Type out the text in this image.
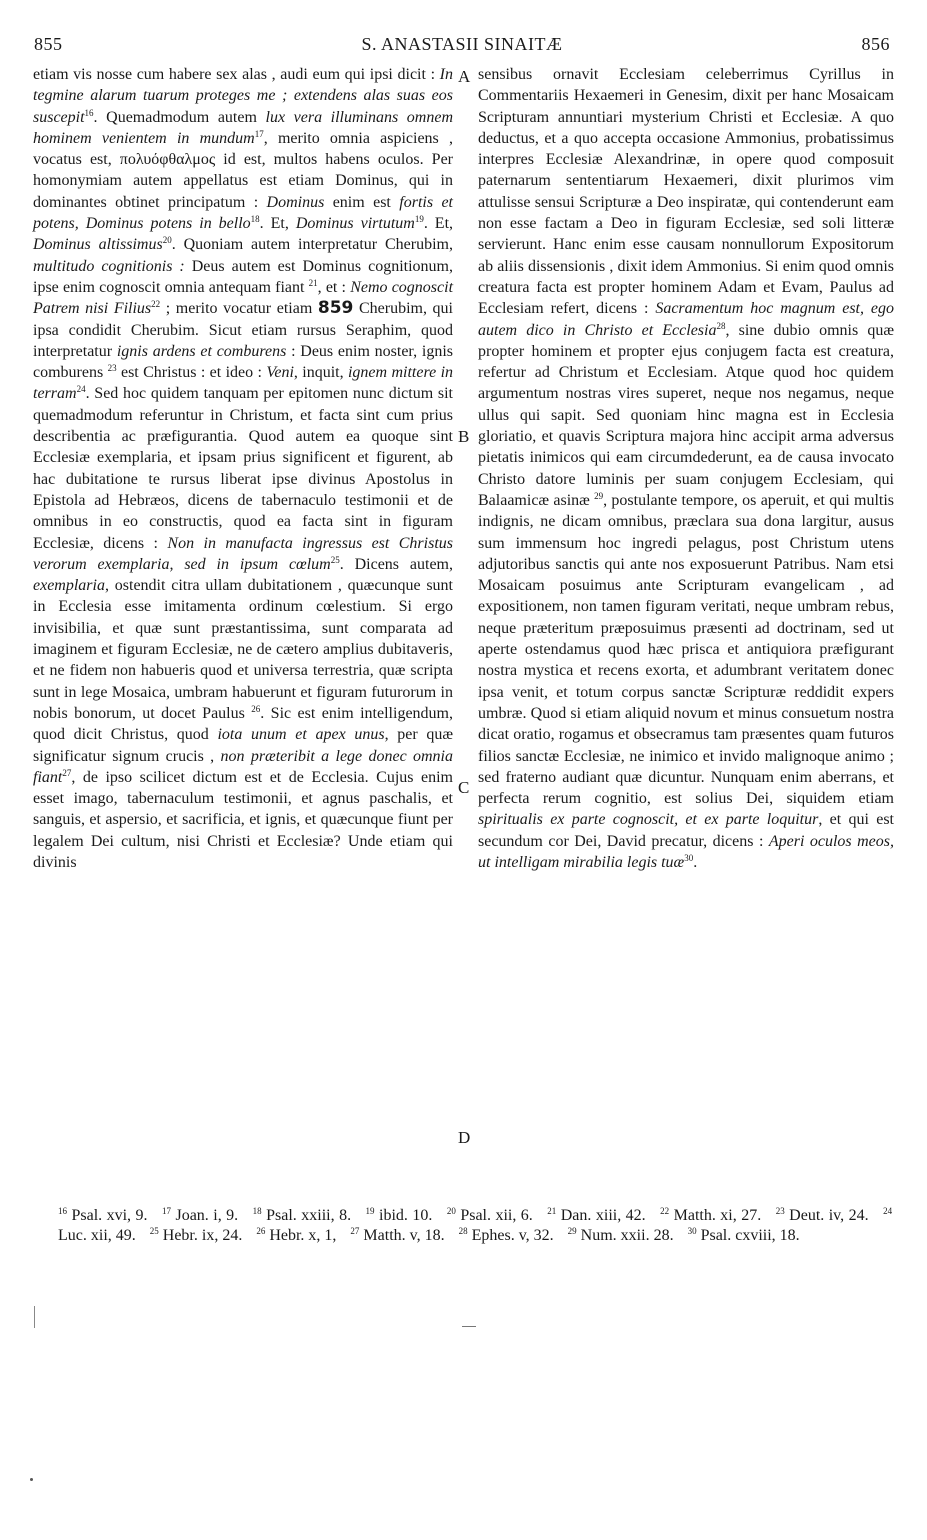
855	S. ANASTASII SINAITÆ	856
A
B
C
D

etiam vis nosse cum habere sex alas , audi eum qui ipsi dicit : In tegmine alarum tuarum proteges me ; extendens alas suas eos suscepit$^{16}$. Quemadmodum autem lux vera illuminans omnem hominem venientem in mundum$^{17}$, merito omnia aspiciens , vocatus est, πολυόφθαλμος id est, multos habens oculos. Per homonymiam autem appellatus est etiam Dominus, qui in dominantes obtinet principatum : Dominus enim est fortis et potens, Dominus potens in bello$^{18}$. Et, Dominus virtutum$^{19}$. Et, Dominus altissimus$^{20}$. Quoniam autem interpretatur Cherubim, multitudo cognitionis : Deus autem est Dominus cognitionum, ipse enim cognoscit omnia antequam fiant $^{21}$, et : Nemo cognoscit Patrem nisi Filius$^{22}$ ; merito vocatur etiam 859 Cherubim, qui ipsa condidit Cherubim. Sicut etiam rursus Seraphim, quod interpretatur ignis ardens et comburens : Deus enim noster, ignis comburens $^{23}$ est Christus : et ideo : Veni, inquit, ignem mittere in terram$^{24}$. Sed hoc quidem tanquam per epitomen nunc dictum sit quemadmodum referuntur in Christum, et facta sint cum prius describentia ac præfigurantia. Quod autem ea quoque sint Ecclesiæ exemplaria, et ipsam prius significent et figurent, ab hac dubitatione te rursus liberat ipse divinus Apostolus in Epistola ad Hebræos, dicens de tabernaculo testimonii et de omnibus in eo constructis, quod ea facta sint in figuram Ecclesiæ, dicens : Non in manufacta ingressus est Christus verorum exemplaria, sed in ipsum cœlum$^{25}$. Dicens autem, exemplaria, ostendit citra ullam dubitationem , quæcunque sunt in Ecclesia esse imitamenta ordinum cœlestium. Si ergo invisibilia, et quæ sunt præstantissima, sunt comparata ad imaginem et figuram Ecclesiæ, ne de cætero amplius dubitaveris, et ne fidem non habueris quod et universa terrestria, quæ scripta sunt in lege Mosaica, umbram habuerunt et figuram futurorum in nobis bonorum, ut docet Paulus $^{26}$. Sic est enim intelligendum, quod dicit Christus, quod iota unum et apex unus, per quæ significatur signum crucis , non præteribit a lege donec omnia fiant$^{27}$, de ipso scilicet dictum est et de Ecclesia. Cujus enim esset imago, tabernaculum testimonii, et agnus paschalis, et sanguis, et aspersio, et sacrificia, et ignis, et quæcunque fiunt per legalem Dei cultum, nisi Christi et Ecclesiæ? Unde etiam qui divinis

sensibus ornavit Ecclesiam celeberrimus Cyrillus in Commentariis Hexaemeri in Genesim, dixit per hanc Mosaicam Scripturam annuntiari mysterium Christi et Ecclesiæ. A quo deductus, et a quo accepta occasione Ammonius, probatissimus interpres Ecclesiæ Alexandrinæ, in opere quod composuit paternarum sententiarum Hexaemeri, dixit plurimos vim attulisse sensui Scripturæ a Deo inspiratæ, qui contenderunt eam non esse factam a Deo in figuram Ecclesiæ, sed soli litteræ servierunt. Hanc enim esse causam nonnullorum Expositorum ab aliis dissensionis , dixit idem Ammonius. Si enim quod omnis creatura facta est propter hominem Adam et Evam, Paulus ad Ecclesiam refert, dicens : Sacramentum hoc magnum est, ego autem dico in Christo et Ecclesia$^{28}$, sine dubio omnis quæ propter hominem et propter ejus conjugem facta est creatura, refertur ad Christum et Ecclesiam. Atque quod hoc quidem argumentum nostras vires superet, neque nos negamus, neque ullus qui sapit. Sed quoniam hinc magna est in Ecclesia gloriatio, et quavis Scriptura majora hinc accipit arma adversus pietatis inimicos qui eam circumdederunt, ea de causa invocato Christo datore luminis per suam conjugem Ecclesiam, qui Balaamicæ asinæ $^{29}$, postulante tempore, os aperuit, et qui multis indignis, ne dicam omnibus, præclara sua dona largitur, ausus sum immensum hoc ingredi pelagus, post Christum utens adjutoribus sanctis qui ante nos exposuerunt Patribus. Nam etsi Mosaicam posuimus ante Scripturam evangelicam , ad expositionem, non tamen figuram veritati, neque umbram rebus, neque præteritum præposuimus præsenti ad doctrinam, sed ut aperte ostendamus quod hæc prisca et antiquiora præfigurant nostra mystica et recens exorta, et adumbrant veritatem donec ipsa venit, et totum corpus sanctæ Scripturæ reddidit expers umbræ. Quod si etiam aliquid novum et minus consuetum nostra dicat oratio, rogamus et obsecramus tam præsentes quam futuros filios sanctæ Ecclesiæ, ne inimico et invido malignoque animo ; sed fraterno audiant quæ dicuntur. Nunquam enim aberrans, et perfecta rerum cognitio, est solius Dei, siquidem etiam spiritualis ex parte cognoscit, et ex parte loquitur, et qui est secundum cor Dei, David precatur, dicens : Aperi oculos meos, ut intelligam mirabilia legis tuæ$^{30}$.

$^{16}$ Psal. xvi, 9. $^{17}$ Joan. i, 9. $^{18}$ Psal. xxiii, 8. $^{19}$ ibid. 10. $^{20}$ Psal. xii, 6. $^{21}$ Dan. xiii, 42. $^{22}$ Matth. xi, 27. $^{23}$ Deut. iv, 24. $^{24}$ Luc. xii, 49. $^{25}$ Hebr. ix, 24. $^{26}$ Hebr. x, 1, $^{27}$ Matth. v, 18. $^{28}$ Ephes. v, 32. $^{29}$ Num. xxii. 28. $^{30}$ Psal. cxviii, 18.
